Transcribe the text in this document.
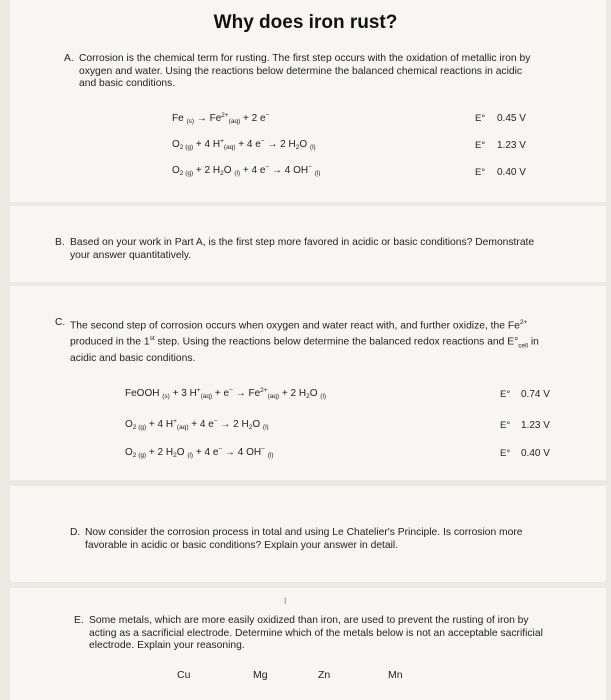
Why does iron rust?
A. Corrosion is the chemical term for rusting. The first step occurs with the oxidation of metallic iron by oxygen and water. Using the reactions below determine the balanced chemical reactions in acidic and basic conditions.
Fe $_{(s)} \to Fe^{2+}_{(aq)} + 2$ e−	E° 0.45 V
$O_{2 (g)} + 4$ $H^+_{(aq)} + 4$ e− → 2 $H_2O$ $_{(l)}$	E° 1.23 V
$O_{2 (g)} + 2$ $H_2O$ $_{(l)}$ + 4 e− → 4 OH− $_{(l)}$	E° 0.40 V
B. Based on your work in Part A, is the first step more favored in acidic or basic conditions? Demonstrate your answer quantitatively.
C. The second step of corrosion occurs when oxygen and water react with, and further oxidize, the $Fe^{2+}$ produced in the 1st step. Using the reactions below determine the balanced redox reactions and $E^\circ_{cell}$ in acidic and basic conditions.
FeOOH $_{(s)}$ + 3 $H^+_{(aq)} + e^- \to Fe^{2+}_{(aq)} + 2$ $H_2O$ $_{(l)}$	E° 0.74 V
$O_{2 (g)} + 4$ $H^+_{(aq)} + 4$ e− → 2 $H_2O$ $_{(l)}$	E° 1.23 V
$O_{2 (g)} + 2$ $H_2O$ $_{(l)}$ + 4 e− → 4 OH− $_{(l)}$	E° 0.40 V
D. Now consider the corrosion process in total and using Le Chatelier's Principle. Is corrosion more favorable in acidic or basic conditions? Explain your answer in detail.
E. Some metals, which are more easily oxidized than iron, are used to prevent the rusting of iron by acting as a sacrificial electrode. Determine which of the metals below is not an acceptable sacrificial electrode. Explain your reasoning.
Cu	Mg	Zn	Mn
I
